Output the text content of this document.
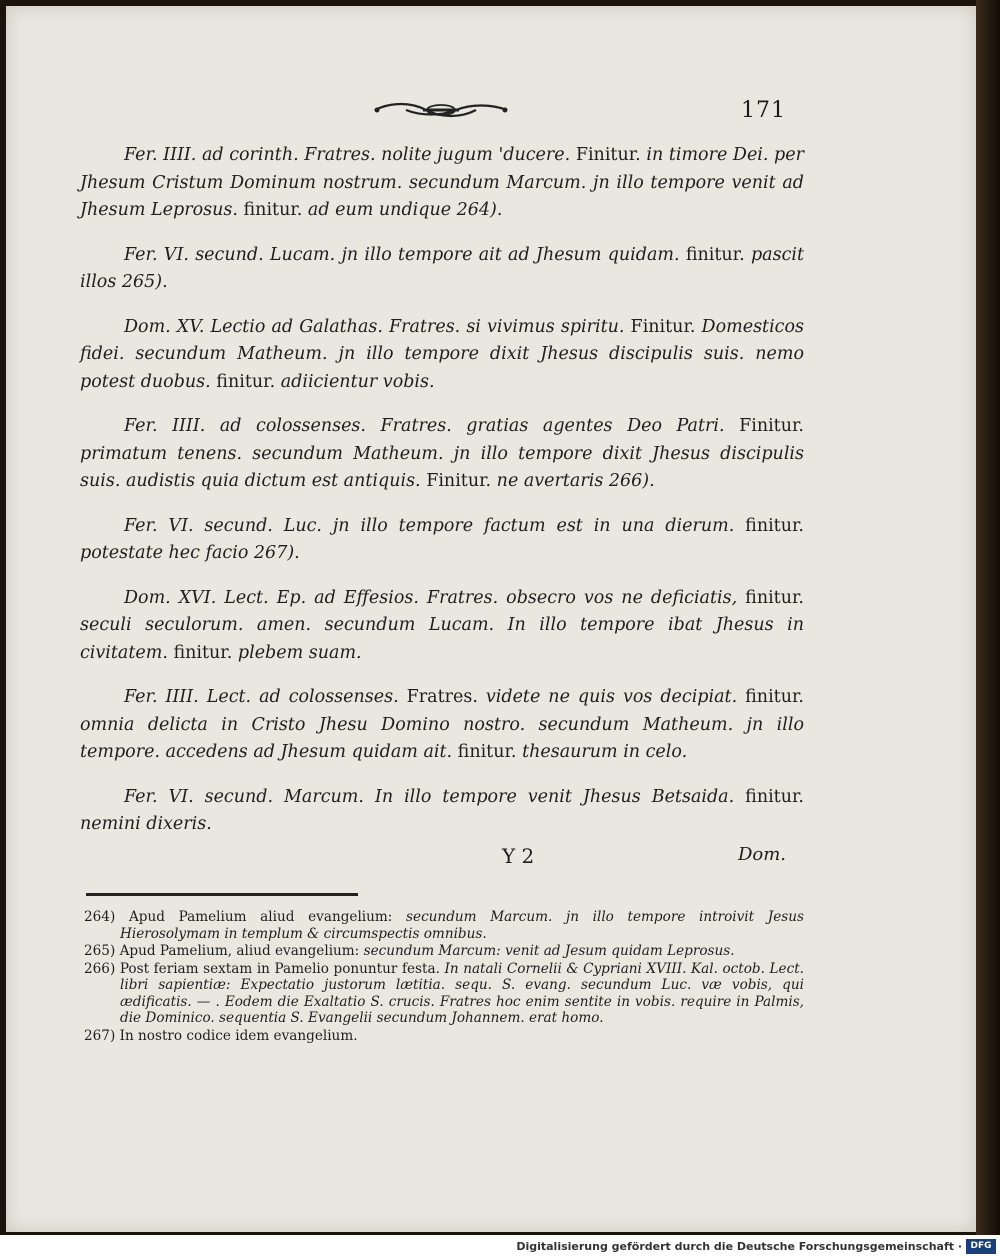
171

Fer. IIII. ad corinth. Fratres. nolite jugum 'ducere. Finitur. in timore Dei. per Jhesum Cristum Dominum nostrum. secundum Marcum. jn illo tempore venit ad Jhesum Leprosus. finitur. ad eum undique 264).

Fer. VI. secund. Lucam. jn illo tempore ait ad Jhesum quidam. finitur. pascit illos 265).

Dom. XV. Lectio ad Galathas. Fratres. si vivimus spiritu. Finitur. Domesticos fidei. secundum Matheum. jn illo tempore dixit Jhesus discipulis suis. nemo potest duobus. finitur. adiicientur vobis.

Fer. IIII. ad colossenses. Fratres. gratias agentes Deo Patri. Finitur. primatum tenens. secundum Matheum. jn illo tempore dixit Jhesus discipulis suis. audistis quia dictum est antiquis. Finitur. ne avertaris 266).

Fer. VI. secund. Luc. jn illo tempore factum est in una dierum. finitur. potestate hec facio 267).

Dom. XVI. Lect. Ep. ad Effesios. Fratres. obsecro vos ne deficiatis, finitur. seculi seculorum. amen. secundum Lucam. In illo tempore ibat Jhesus in civitatem. finitur. plebem suam.

Fer. IIII. Lect. ad colossenses. Fratres. videte ne quis vos decipiat. finitur. omnia delicta in Cristo Jhesu Domino nostro. secundum Matheum. jn illo tempore. accedens ad Jhesum quidam ait. finitur. thesaurum in celo.

Fer. VI. secund. Marcum. In illo tempore venit Jhesus Betsaida. finitur. nemini dixeris.

Y 2	Dom.

264) Apud Pamelium aliud evangelium: secundum Marcum. jn illo tempore introivit Jesus Hierosolymam in templum & circumspectis omnibus.

265) Apud Pamelium, aliud evangelium: secundum Marcum: venit ad Jesum quidam Leprosus.

266) Post feriam sextam in Pamelio ponuntur festa. In natali Cornelii & Cypriani XVIII. Kal. octob. Lect. libri sapientiæ: Expectatio justorum lætitia. sequ. S. evang. secundum Luc. væ vobis, qui ædificatis. — . Eodem die Exaltatio S. crucis. Fratres hoc enim sentite in vobis. require in Palmis, die Dominico. sequentia S. Evangelii secundum Johannem. erat homo.

267) In nostro codice idem evangelium.

Digitalisierung gefördert durch die Deutsche Forschungsgemeinschaft · DFG
